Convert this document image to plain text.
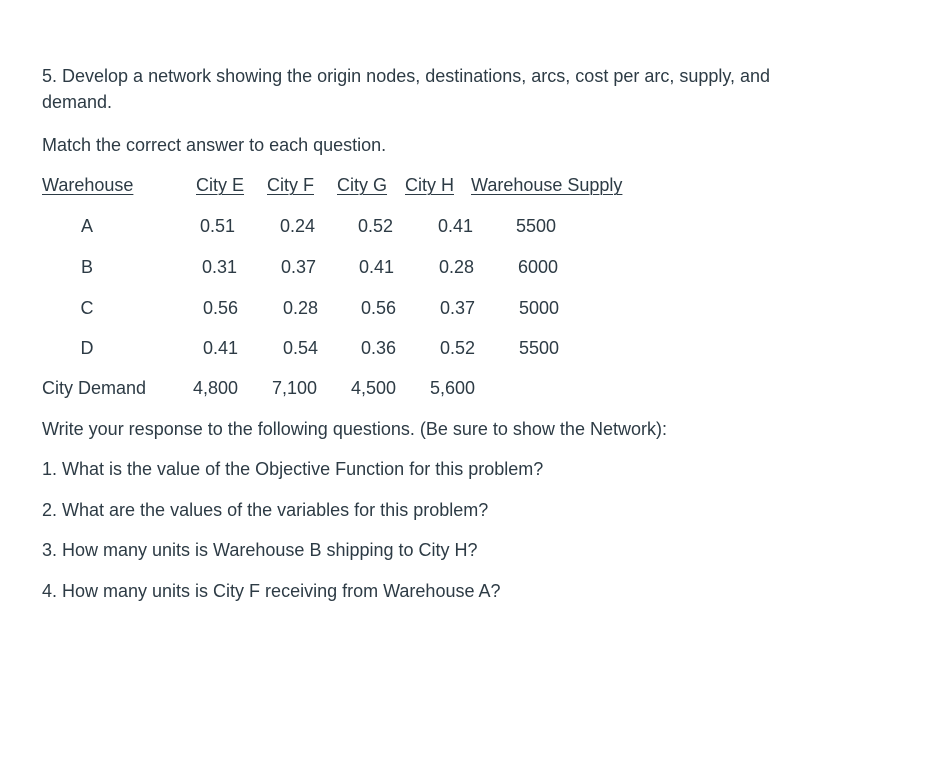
5. Develop a network showing the origin nodes, destinations, arcs, cost per arc, supply, and
demand.
Match the correct answer to each question.
Warehouse	City E City F City G City H Warehouse Supply
A	0.51 0.24 0.52 0.41 5500
B	0.31 0.37 0.41 0.28 6000
C	0.56 0.28 0.56 0.37 5000
D	0.41 0.54 0.36 0.52 5500
City Demand	4,800 7,100 4,500 5,600
Write your response to the following questions. (Be sure to show the Network):
1. What is the value of the Objective Function for this problem?
2. What are the values of the variables for this problem?
3. How many units is Warehouse B shipping to City H?
4. How many units is City F receiving from Warehouse A?
